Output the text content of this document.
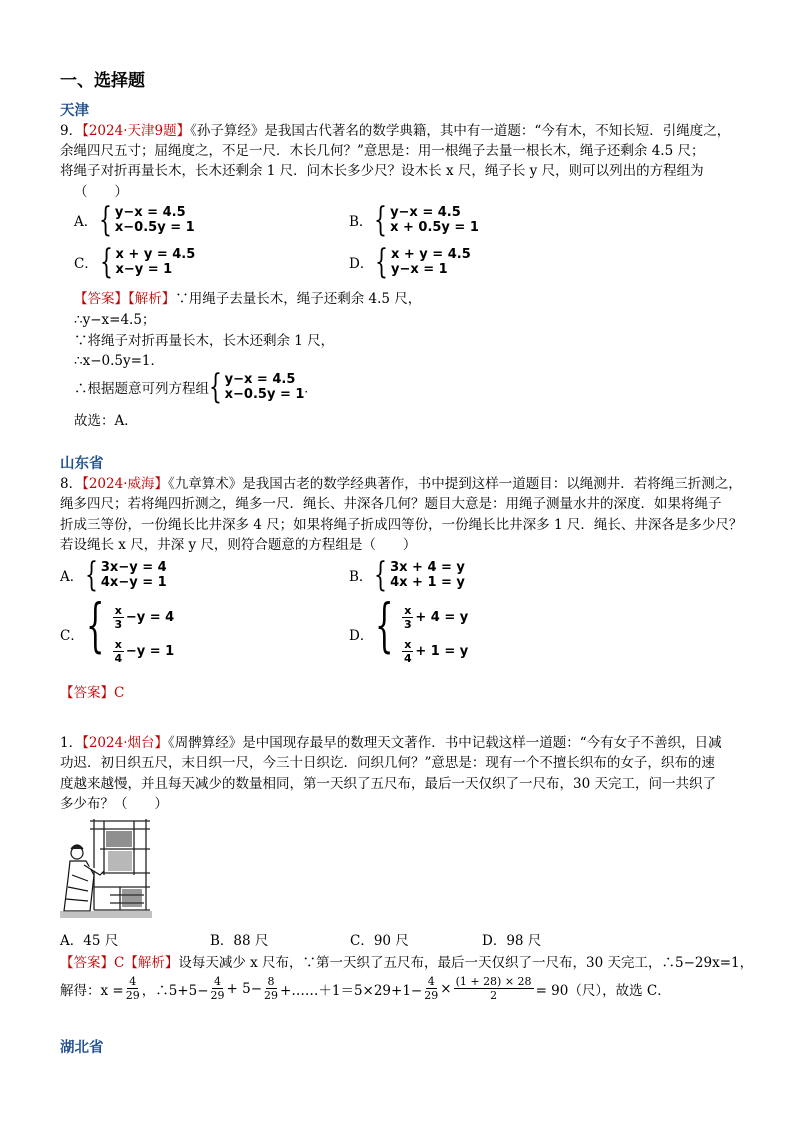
一、选择题
天津
9．【2024·天津9题】《孙子算经》是我国古代著名的数学典籍，其中有一道题：“今有木，不知长短．引绳度之，
余绳四尺五寸；屈绳度之，不足一尺．木长几何？”意思是：用一根绳子去量一根长木，绳子还剩余 4.5 尺；
将绳子对折再量长木，长木还剩余 1 尺．问木长多少尺？设木长 x 尺，绳子长 y 尺，则可以列出的方程组为
（　　）
A． { y−x = 4.5
x−0.5y = 1	B． { y−x = 4.5
x + 0.5y = 1
C． { x + y = 4.5
x−y = 1	D． { x + y = 4.5
y−x = 1
【答案】【解析】∵用绳子去量长木，绳子还剩余 4.5 尺，
∴y−x=4.5；
∵将绳子对折再量长木，长木还剩余 1 尺，
∴x−0.5y=1．
∴根据题意可列方程组 { y−x = 4.5
x−0.5y = 1 ．
故选：A．
山东省
8．【2024·威海】《九章算术》是我国古老的数学经典著作，书中提到这样一道题目：以绳测井．若将绳三折测之，
绳多四尺；若将绳四折测之，绳多一尺．绳长、井深各几何？题目大意是：用绳子测量水井的深度．如果将绳子
折成三等份，一份绳长比井深多 4 尺；如果将绳子折成四等份，一份绳长比井深多 1 尺．绳长、井深各是多少尺？
若设绳长 x 尺，井深 y 尺，则符合题意的方程组是（　　）
A． { 3x−y = 4
4x−y = 1	B． { 3x + 4 = y
4x + 1 = y
C． { $\frac{x}{3} -y = 4$
$\frac{x}{4} -y = 1$
D． { $\frac{x}{3} + 4 = y$
$\frac{x}{4} + 1 = y$
【答案】C
1．【2024·烟台】《周髀算经》是中国现存最早的数理天文著作．书中记载这样一道题：“今有女子不善织，日减
功迟．初日织五尺，末日织一尺，今三十日织讫．问织几何？”意思是：现有一个不擅长织布的女子，织布的速
度越来越慢，并且每天减少的数量相同，第一天织了五尺布，最后一天仅织了一尺布，30 天完工，问一共织了
多少布？（　　）
A．45 尺	B．88 尺	C．90 尺	D．98 尺
【答案】C【解析】设每天减少 x 尺布，∵第一天织了五尺布，最后一天仅织了一尺布，30 天完工，∴5−29x=1，
解得：$x = \frac{4}{29}$ ，∴5+5− $\frac{4}{29} + 5- \frac{8}{29}$ +……＋1＝5×29+1− $\frac{4}{29} \times \frac{(1 + 28) \times 28}{2} = 90$（尺），故选 C．
湖北省
